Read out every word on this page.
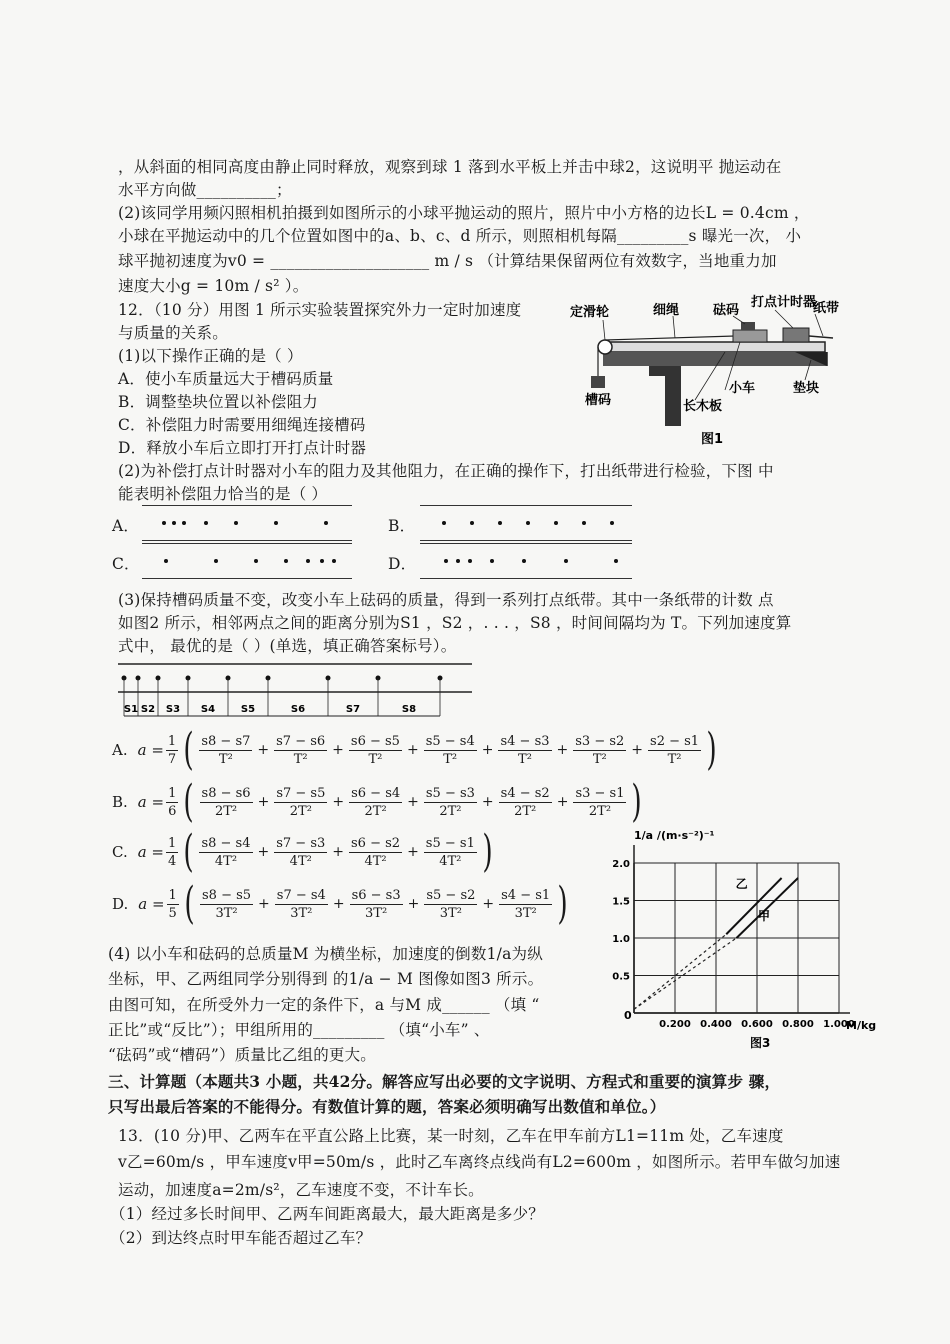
，从斜面的相同高度由静止同时释放，观察到球 1 落到水平板上并击中球2，这说明平 抛运动在
水平方向做__________；
(2)该同学用频闪照相机拍摄到如图所示的小球平抛运动的照片，照片中小方格的边长L = 0.4cm ，
小球在平抛运动中的几个位置如图中的a、b、c、d 所示，则照相机每隔_________s 曝光一次， 小
球平抛初速度为v0 = ____________________ m / s （计算结果保留两位有效数字，当地重力加
速度大小g = 10m / s² ）。
12．（10 分）用图 1 所示实验装置探究外力一定时加速度
与质量的关系。
(1)以下操作正确的是（ ）
A．使小车质量远大于槽码质量
B．调整垫块位置以补偿阻力
C．补偿阻力时需要用细绳连接槽码
D．释放小车后立即打开打点计时器
定滑轮	细绳	砝码
打点计时器
纸带
槽码	长木板
小车	垫块
图1
(2)为补偿打点计时器对小车的阻力及其他阻力，在正确的操作下，打出纸带进行检验，下图 中
能表明补偿阻力恰当的是（ ）
A．	B．
C．	D．
(3)保持槽码质量不变，改变小车上砝码的质量，得到一系列打点纸带。其中一条纸带的计数 点
如图2 所示，相邻两点之间的距离分别为S1 ，S2 ，. . . ，S8 ，时间间隔均为 T。下列加速度算
式中， 最优的是（ ）(单选，填正确答案标号）。
S1 S2 S3 S4	S5	S6	S7	S8
A. $a = \frac{1}{7}$ ( $\frac{s8 - s7}{\text{T²}} + \frac{s7 - s6}{\text{T²}} + \frac{s6 - s5}{\text{T²}} + \frac{s5 - s4}{\text{T²}} + \frac{s4 - s3}{\text{T²}} + \frac{s3 - s2}{\text{T²}} + \frac{s2 - s1}{\text{T²}}$ )
B. $a = \frac{1}{6}$ ( $\frac{s8 - s6}{\text{2T²}} + \frac{s7 - s5}{\text{2T²}} + \frac{s6 - s4}{\text{2T²}} + \frac{s5 - s3}{\text{2T²}} + \frac{s4 - s2}{\text{2T²}} + \frac{s3 - s1}{\text{2T²}}$ )
C. $a = \frac{1}{4}$ ( $\frac{s8 - s4}{\text{4T²}} + \frac{s7 - s3}{\text{4T²}} + \frac{s6 - s2}{\text{4T²}} + \frac{s5 - s1}{\text{4T²}}$ )
D. $a = \frac{1}{5}$ ( $\frac{s8 - s5}{\text{3T²}} + \frac{s7 - s4}{\text{3T²}} + \frac{s6 - s3}{\text{3T²}} + \frac{s5 - s2}{\text{3T²}} + \frac{s4 - s1}{\text{3T²}}$ )
1/a /(m·s⁻²)⁻¹
M/kg
图3
0
0.200 0.400 0.600 0.800 1.000
0.5
1.0
1.5
2.0
乙
甲
(4) 以小车和砝码的总质量M 为横坐标，加速度的倒数1/a为纵
坐标，甲、乙两组同学分别得到 的1/a − M 图像如图3 所示。
由图可知，在所受外力一定的条件下，a 与M 成______ （填 “
正比”或“反比”）；甲组所用的_________ （填“小车” 、
“砝码”或“槽码”）质量比乙组的更大。
三、计算题（本题共3 小题，共42分。解答应写出必要的文字说明、方程式和重要的演算步 骤，
只写出最后答案的不能得分。有数值计算的题，答案必须明确写出数值和单位。）
13．(10 分)甲、乙两车在平直公路上比赛，某一时刻，乙车在甲车前方L1=11m 处，乙车速度
v乙=60m/s ，甲车速度v甲=50m/s ，此时乙车离终点线尚有L2=600m ，如图所示。若甲车做匀加速
运动，加速度a=2m/s²，乙车速度不变，不计车长。
（1）经过多长时间甲、乙两车间距离最大，最大距离是多少？
（2）到达终点时甲车能否超过乙车？
